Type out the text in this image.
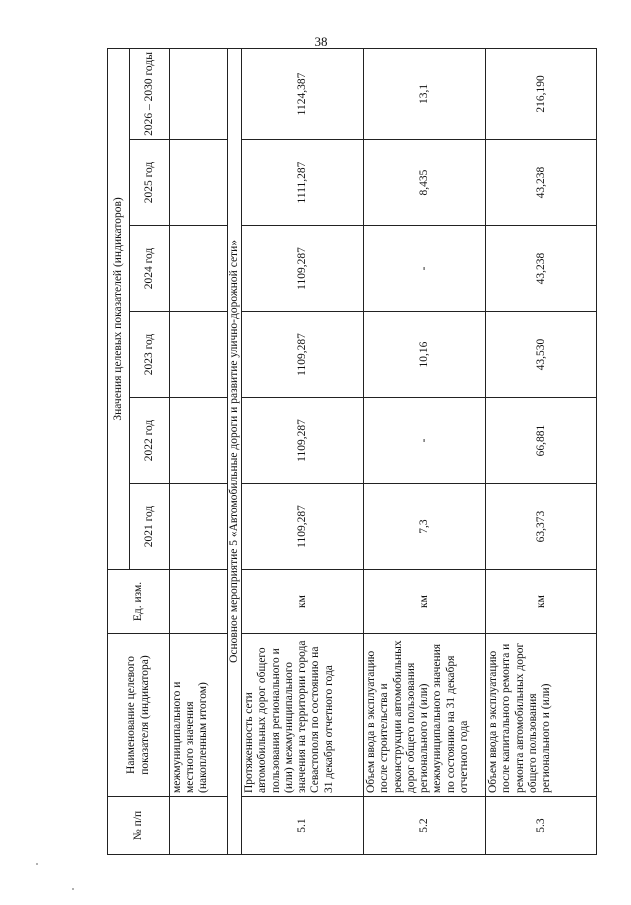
38
№ п/п	Наименование целевого показателя (индикатора)	Ед. изм.	Значения целевых показателей (индикаторов)					
			2021 год	2022 год	2023 год	2024 год	2025 год	2026 – 2030 годы
	межмуниципального и местного значения (накопленным итогом)							
Основное мероприятие 5 «Автомобильные дороги и развитие улично-дорожной сети»								
5.1	Протяженность сети автомобильных дорог общего пользования регионального и (или) межмуниципального значения на территории города Севастополя по состоянию на 31 декабря отчетного года	км	1109,287	1109,287	1109,287	1109,287	1111,287	1124,387
5.2	Объем ввода в эксплуатацию после строительства и реконструкции автомобильных дорог общего пользования регионального и (или) межмуниципального значения по состоянию на 31 декабря отчетного года	км	7,3	-	10,16	-	8,435	13,1
5.3	Объем ввода в эксплуатацию после капитального ремонта и ремонта автомобильных дорог общего пользования регионального и (или)	км	63,373	66,881	43,530	43,238	43,238	216,190
